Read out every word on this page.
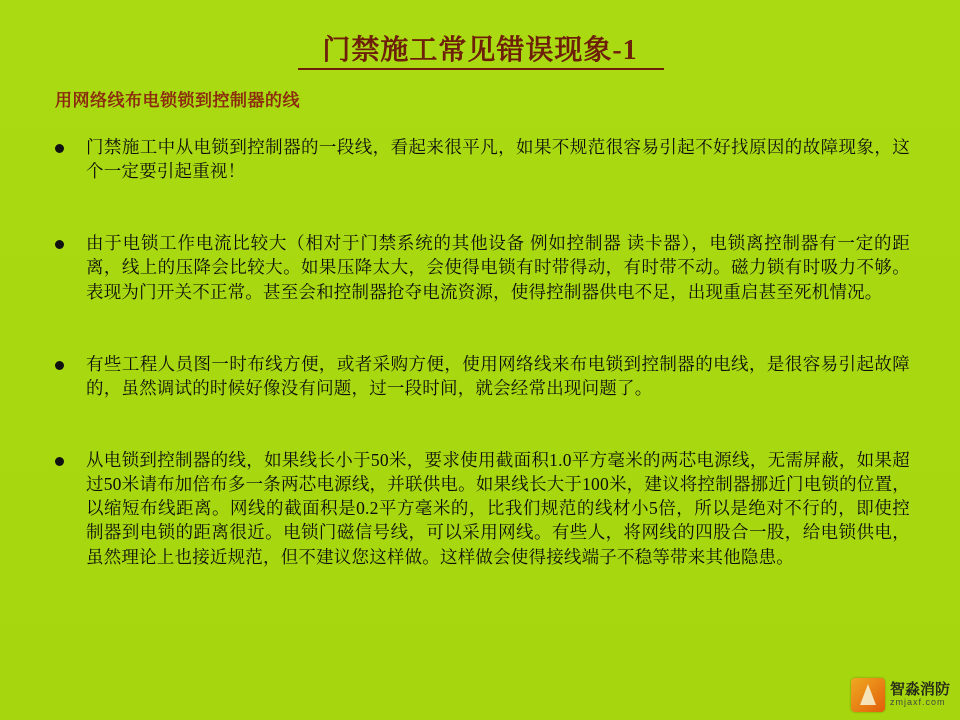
门禁施工常见错误现象-1
用网络线布电锁锁到控制器的线
门禁施工中从电锁到控制器的一段线，看起来很平凡，如果不规范很容易引起不好找原因的故障现象，这个一定要引起重视！
由于电锁工作电流比较大（相对于门禁系统的其他设备 例如控制器 读卡器），电锁离控制器有一定的距离，线上的压降会比较大。如果压降太大，会使得电锁有时带得动，有时带不动。磁力锁有时吸力不够。表现为门开关不正常。甚至会和控制器抢夺电流资源，使得控制器供电不足，出现重启甚至死机情况。
有些工程人员图一时布线方便，或者采购方便，使用网络线来布电锁到控制器的电线，是很容易引起故障的，虽然调试的时候好像没有问题，过一段时间，就会经常出现问题了。
从电锁到控制器的线，如果线长小于50米，要求使用截面积1.0平方毫米的两芯电源线，无需屏蔽，如果超过50米请布加倍布多一条两芯电源线，并联供电。如果线长大于100米，建议将控制器挪近门电锁的位置，以缩短布线距离。网线的截面积是0.2平方毫米的，比我们规范的线材小5倍，所以是绝对不行的，即使控制器到电锁的距离很近。电锁门磁信号线，可以采用网线。有些人，将网线的四股合一股，给电锁供电，虽然理论上也接近规范，但不建议您这样做。这样做会使得接线端子不稳等带来其他隐患。
智淼消防
zmjaxf.com
